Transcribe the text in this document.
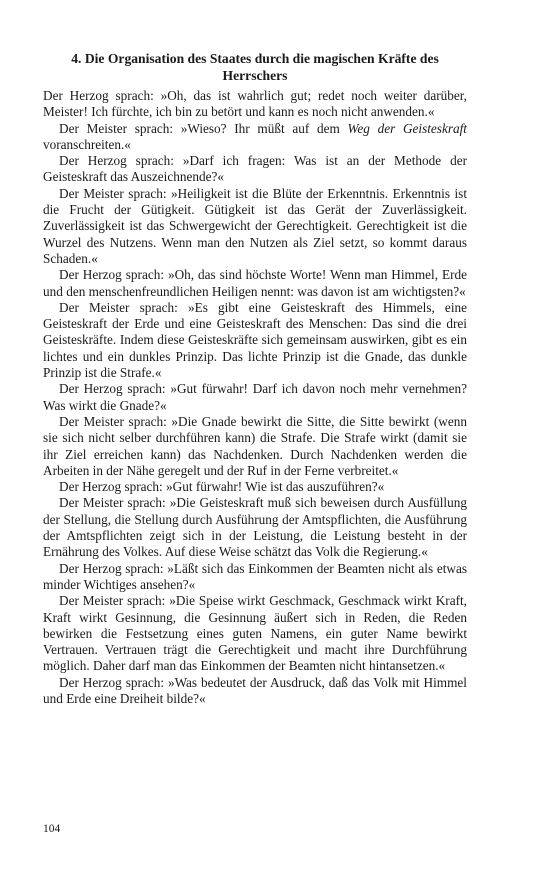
4. Die Organisation des Staates durch die magischen Kräfte des Herrschers

Der Herzog sprach: »Oh, das ist wahrlich gut; redet noch weiter darüber, Meister! Ich fürchte, ich bin zu betört und kann es noch nicht anwenden.«

Der Meister sprach: »Wieso? Ihr müßt auf dem Weg der Geisteskraft voranschreiten.«

Der Herzog sprach: »Darf ich fragen: Was ist an der Methode der Geisteskraft das Auszeichnende?«

Der Meister sprach: »Heiligkeit ist die Blüte der Erkenntnis. Erkenntnis ist die Frucht der Gütigkeit. Gütigkeit ist das Gerät der Zuverlässigkeit. Zuverlässigkeit ist das Schwergewicht der Gerechtigkeit. Gerechtigkeit ist die Wurzel des Nutzens. Wenn man den Nutzen als Ziel setzt, so kommt daraus Schaden.«

Der Herzog sprach: »Oh, das sind höchste Worte! Wenn man Himmel, Erde und den menschenfreundlichen Heiligen nennt: was davon ist am wichtigsten?«

Der Meister sprach: »Es gibt eine Geisteskraft des Himmels, eine Geisteskraft der Erde und eine Geisteskraft des Menschen: Das sind die drei Geisteskräfte. Indem diese Geisteskräfte sich gemeinsam auswirken, gibt es ein lichtes und ein dunkles Prinzip. Das lichte Prinzip ist die Gnade, das dunkle Prinzip ist die Strafe.«

Der Herzog sprach: »Gut fürwahr! Darf ich davon noch mehr vernehmen? Was wirkt die Gnade?«

Der Meister sprach: »Die Gnade bewirkt die Sitte, die Sitte bewirkt (wenn sie sich nicht selber durchführen kann) die Strafe. Die Strafe wirkt (damit sie ihr Ziel erreichen kann) das Nachdenken. Durch Nachdenken werden die Arbeiten in der Nähe geregelt und der Ruf in der Ferne verbreitet.«

Der Herzog sprach: »Gut fürwahr! Wie ist das auszuführen?«

Der Meister sprach: »Die Geisteskraft muß sich beweisen durch Ausfüllung der Stellung, die Stellung durch Ausführung der Amtspflichten, die Ausführung der Amtspflichten zeigt sich in der Leistung, die Leistung besteht in der Ernährung des Volkes. Auf diese Weise schätzt das Volk die Regierung.«

Der Herzog sprach: »Läßt sich das Einkommen der Beamten nicht als etwas minder Wichtiges ansehen?«

Der Meister sprach: »Die Speise wirkt Geschmack, Geschmack wirkt Kraft, Kraft wirkt Gesinnung, die Gesinnung äußert sich in Reden, die Reden bewirken die Festsetzung eines guten Namens, ein guter Name bewirkt Vertrauen. Vertrauen trägt die Gerechtigkeit und macht ihre Durchführung möglich. Daher darf man das Einkommen der Beamten nicht hintansetzen.«

Der Herzog sprach: »Was bedeutet der Ausdruck, daß das Volk mit Himmel und Erde eine Dreiheit bilde?«

104
